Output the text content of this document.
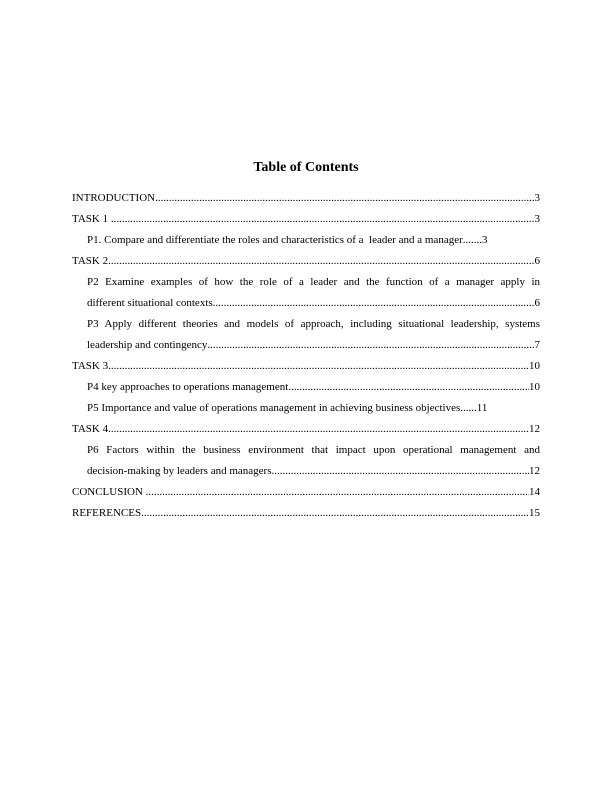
Table of Contents
INTRODUCTION .....	3
TASK 1 .....	3
P1. Compare and differentiate the roles and characteristics of a  leader and a manager ....... 3
TASK 2 .....	6
P2 Examine examples of how the role of a leader and the function of a manager apply in
different situational contexts .....	6
P3 Apply different theories and models of approach, including situational leadership, systems
leadership and contingency .....	7
TASK 3 .....	10
P4 key approaches to operations management .....	10
P5 Importance and value of operations management in achieving business objectives. ..... 11
TASK 4 .....	12
P6 Factors within the business environment that impact upon operational management and
decision-making by leaders and managers .....	12
CONCLUSION .....	14
REFERENCES .....	15
